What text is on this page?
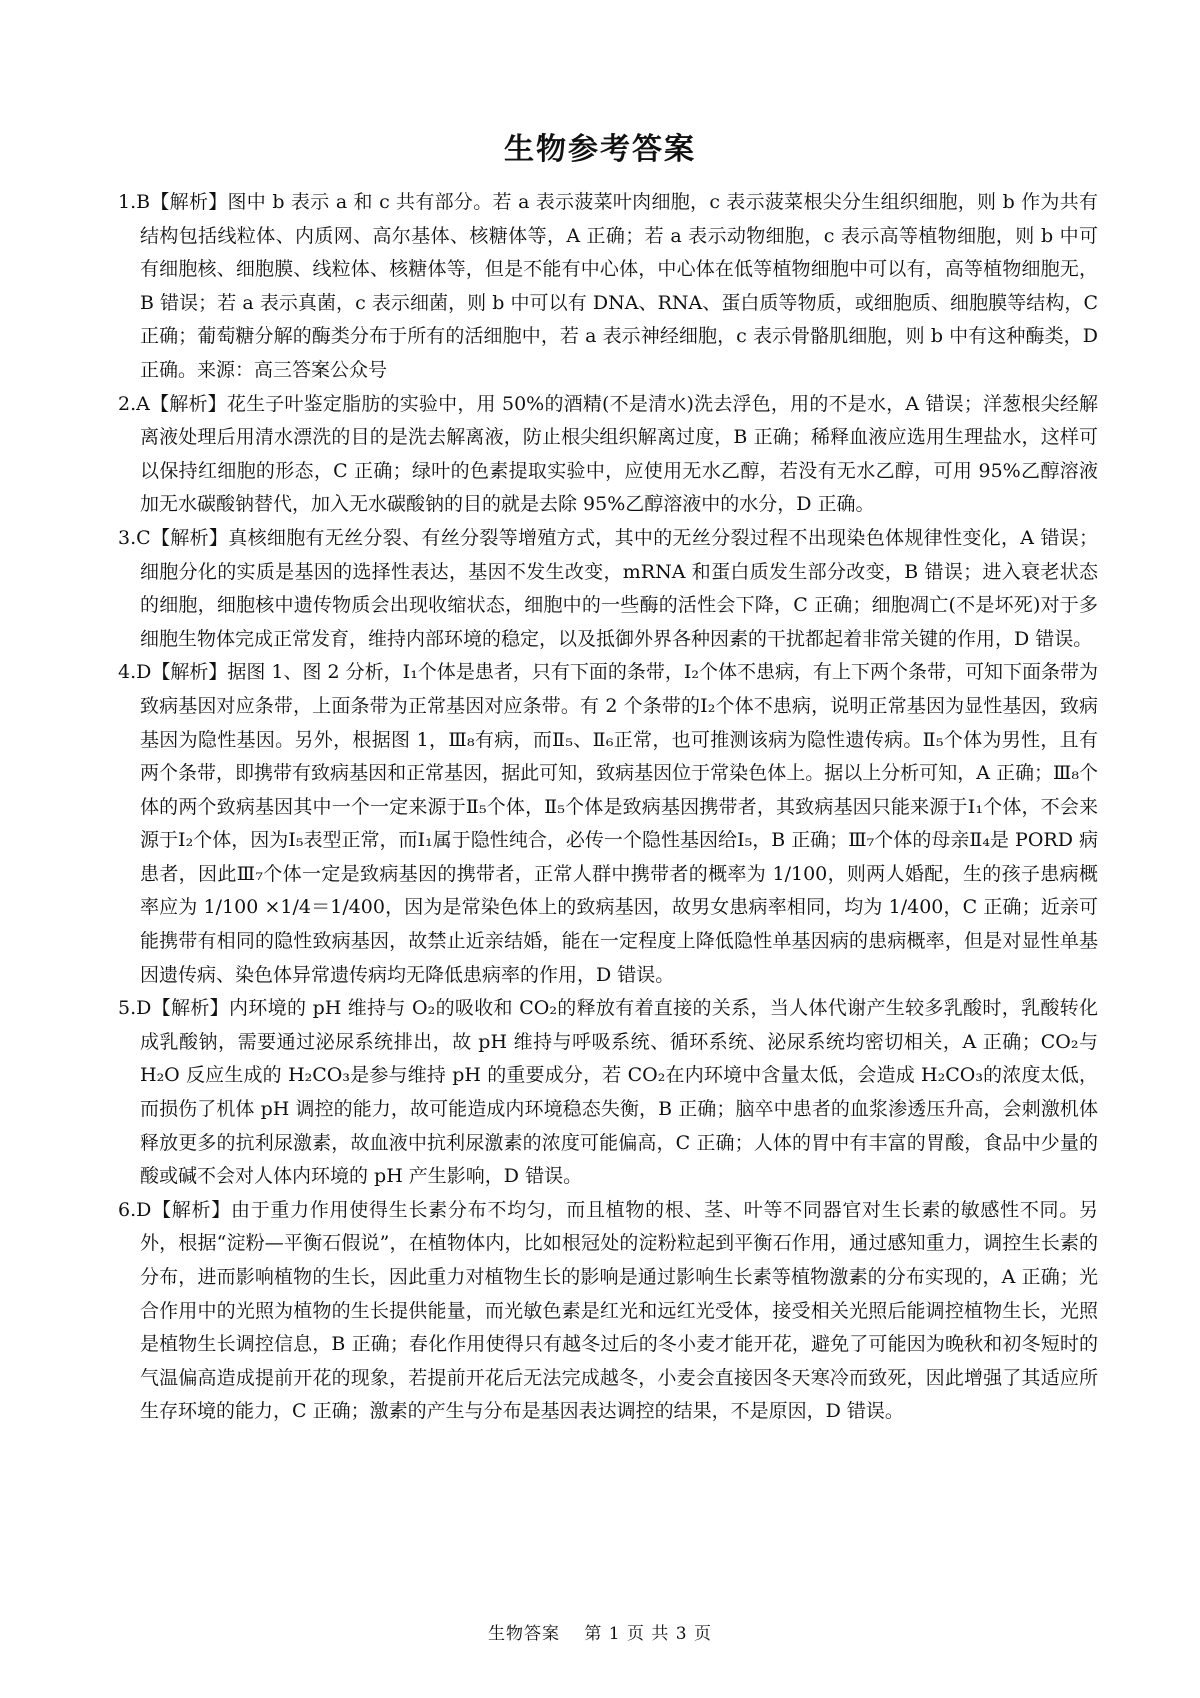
生物参考答案

1.B【解析】图中 b 表示 a 和 c 共有部分。若 a 表示菠菜叶肉细胞，c 表示菠菜根尖分生组织细胞，则 b 作为共有结构包括线粒体、内质网、高尔基体、核糖体等，A 正确；若 a 表示动物细胞，c 表示高等植物细胞，则 b 中可有细胞核、细胞膜、线粒体、核糖体等，但是不能有中心体，中心体在低等植物细胞中可以有，高等植物细胞无，B 错误；若 a 表示真菌，c 表示细菌，则 b 中可以有 DNA、RNA、蛋白质等物质，或细胞质、细胞膜等结构，C 正确；葡萄糖分解的酶类分布于所有的活细胞中，若 a 表示神经细胞，c 表示骨骼肌细胞，则 b 中有这种酶类，D 正确。来源：高三答案公众号

2.A【解析】花生子叶鉴定脂肪的实验中，用 50%的酒精(不是清水)洗去浮色，用的不是水，A 错误；洋葱根尖经解离液处理后用清水漂洗的目的是洗去解离液，防止根尖组织解离过度，B 正确；稀释血液应选用生理盐水，这样可以保持红细胞的形态，C 正确；绿叶的色素提取实验中，应使用无水乙醇，若没有无水乙醇，可用 95%乙醇溶液加无水碳酸钠替代，加入无水碳酸钠的目的就是去除 95%乙醇溶液中的水分，D 正确。

3.C【解析】真核细胞有无丝分裂、有丝分裂等增殖方式，其中的无丝分裂过程不出现染色体规律性变化，A 错误；细胞分化的实质是基因的选择性表达，基因不发生改变，mRNA 和蛋白质发生部分改变，B 错误；进入衰老状态的细胞，细胞核中遗传物质会出现收缩状态，细胞中的一些酶的活性会下降，C 正确；细胞凋亡(不是坏死)对于多细胞生物体完成正常发育，维持内部环境的稳定，以及抵御外界各种因素的干扰都起着非常关键的作用，D 错误。

4.D【解析】据图 1、图 2 分析，Ⅰ₁个体是患者，只有下面的条带，Ⅰ₂个体不患病，有上下两个条带，可知下面条带为致病基因对应条带，上面条带为正常基因对应条带。有 2 个条带的Ⅰ₂个体不患病，说明正常基因为显性基因，致病基因为隐性基因。另外，根据图 1，Ⅲ₈有病，而Ⅱ₅、Ⅱ₆正常，也可推测该病为隐性遗传病。Ⅱ₅个体为男性，且有两个条带，即携带有致病基因和正常基因，据此可知，致病基因位于常染色体上。据以上分析可知，A 正确；Ⅲ₈个体的两个致病基因其中一个一定来源于Ⅱ₅个体，Ⅱ₅个体是致病基因携带者，其致病基因只能来源于Ⅰ₁个体，不会来源于Ⅰ₂个体，因为Ⅰ₅表型正常，而Ⅰ₁属于隐性纯合，必传一个隐性基因给Ⅰ₅，B 正确；Ⅲ₇个体的母亲Ⅱ₄是 PORD 病患者，因此Ⅲ₇个体一定是致病基因的携带者，正常人群中携带者的概率为 1/100，则两人婚配，生的孩子患病概率应为 1/100 ×1/4＝1/400，因为是常染色体上的致病基因，故男女患病率相同，均为 1/400，C 正确；近亲可能携带有相同的隐性致病基因，故禁止近亲结婚，能在一定程度上降低隐性单基因病的患病概率，但是对显性单基因遗传病、染色体异常遗传病均无降低患病率的作用，D 错误。

5.D【解析】内环境的 pH 维持与 O₂的吸收和 CO₂的释放有着直接的关系，当人体代谢产生较多乳酸时，乳酸转化成乳酸钠，需要通过泌尿系统排出，故 pH 维持与呼吸系统、循环系统、泌尿系统均密切相关，A 正确；CO₂与 H₂O 反应生成的 H₂CO₃是参与维持 pH 的重要成分，若 CO₂在内环境中含量太低，会造成 H₂CO₃的浓度太低，而损伤了机体 pH 调控的能力，故可能造成内环境稳态失衡，B 正确；脑卒中患者的血浆渗透压升高，会刺激机体释放更多的抗利尿激素，故血液中抗利尿激素的浓度可能偏高，C 正确；人体的胃中有丰富的胃酸，食品中少量的酸或碱不会对人体内环境的 pH 产生影响，D 错误。

6.D【解析】由于重力作用使得生长素分布不均匀，而且植物的根、茎、叶等不同器官对生长素的敏感性不同。另外，根据“淀粉—平衡石假说”，在植物体内，比如根冠处的淀粉粒起到平衡石作用，通过感知重力，调控生长素的分布，进而影响植物的生长，因此重力对植物生长的影响是通过影响生长素等植物激素的分布实现的，A 正确；光合作用中的光照为植物的生长提供能量，而光敏色素是红光和远红光受体，接受相关光照后能调控植物生长，光照是植物生长调控信息，B 正确；春化作用使得只有越冬过后的冬小麦才能开花，避免了可能因为晚秋和初冬短时的气温偏高造成提前开花的现象，若提前开花后无法完成越冬，小麦会直接因冬天寒冷而致死，因此增强了其适应所生存环境的能力，C 正确；激素的产生与分布是基因表达调控的结果，不是原因，D 错误。

生物答案　 第 1 页 共 3 页
